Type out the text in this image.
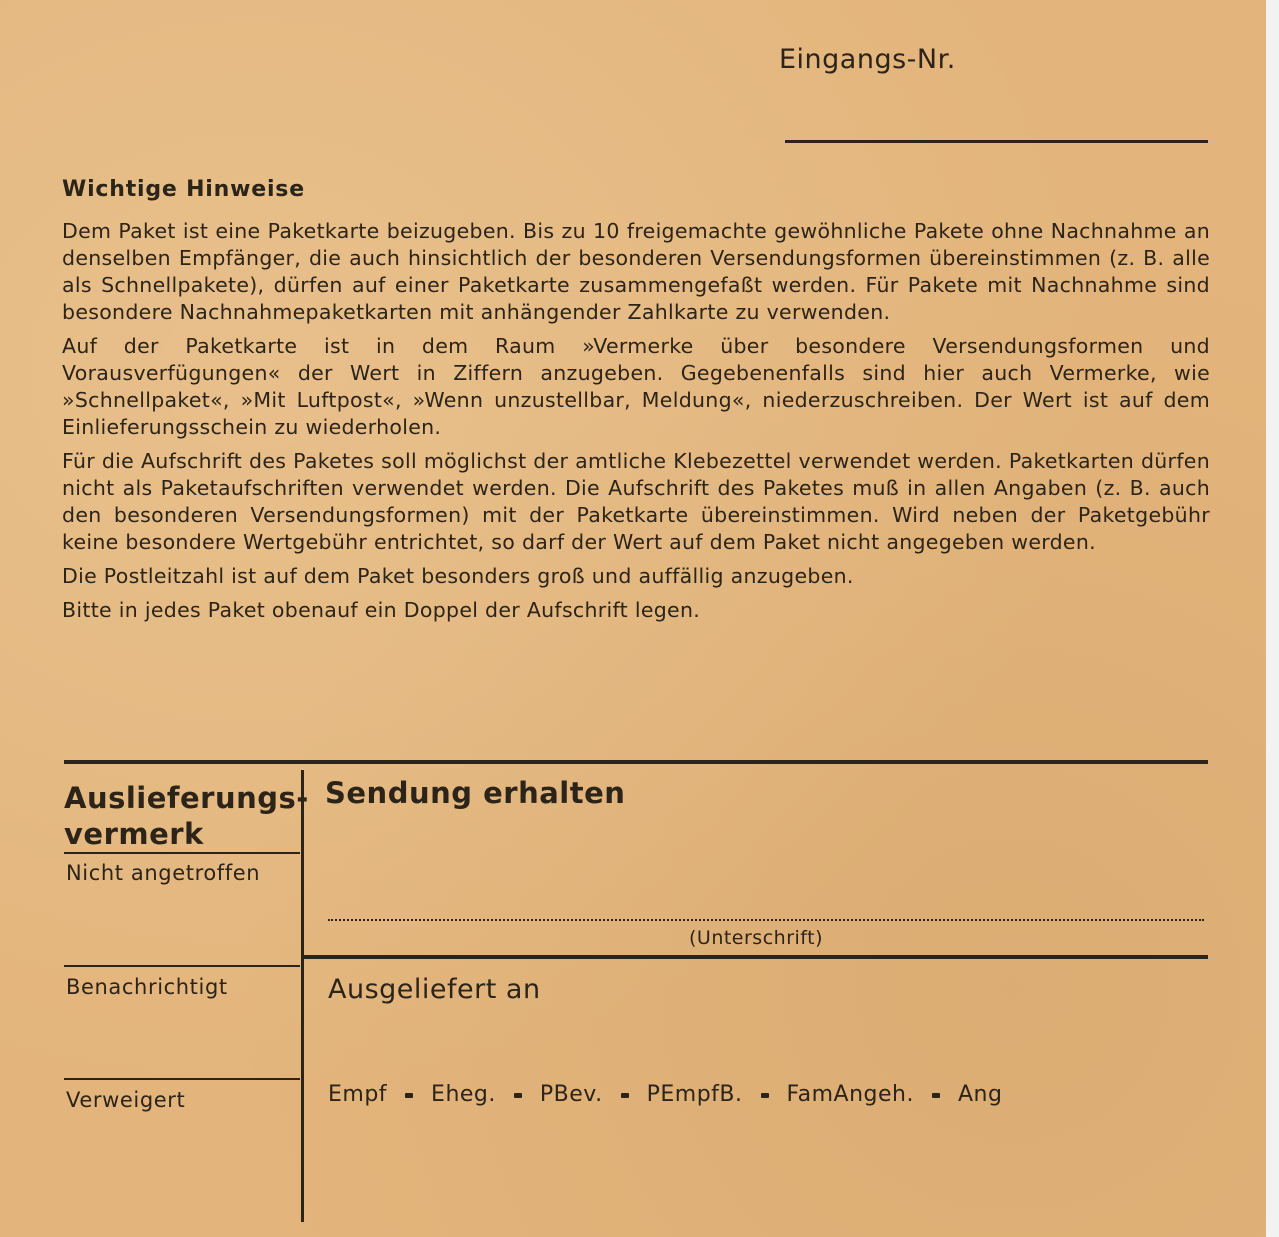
Eingangs-Nr.
Wichtige Hinweise

Dem Paket ist eine Paketkarte beizugeben. Bis zu 10 freigemachte gewöhnliche Pakete ohne Nachnahme an denselben Empfänger, die auch hinsichtlich der besonderen Versendungsformen übereinstimmen (z. B. alle als Schnellpakete), dürfen auf einer Paketkarte zusammengefaßt werden. Für Pakete mit Nachnahme sind besondere Nachnahmepaketkarten mit anhängender Zahlkarte zu verwenden.

Auf der Paketkarte ist in dem Raum »Vermerke über besondere Versendungsformen und Vorausverfügungen« der Wert in Ziffern anzugeben. Gegebenenfalls sind hier auch Vermerke, wie »Schnellpaket«, »Mit Luftpost«, »Wenn unzustellbar, Meldung«, niederzuschreiben. Der Wert ist auf dem Einlieferungsschein zu wiederholen.

Für die Aufschrift des Paketes soll möglichst der amtliche Klebezettel verwendet werden. Paketkarten dürfen nicht als Paketaufschriften verwendet werden. Die Aufschrift des Paketes muß in allen Angaben (z. B. auch den besonderen Versendungsformen) mit der Paketkarte übereinstimmen. Wird neben der Paketgebühr keine besondere Wertgebühr entrichtet, so darf der Wert auf dem Paket nicht angegeben werden.

Die Postleitzahl ist auf dem Paket besonders groß und auffällig anzugeben.

Bitte in jedes Paket obenauf ein Doppel der Aufschrift legen.

Auslieferungs-
vermerk
Nicht angetroffen
Benachrichtigt
Verweigert
Sendung erhalten
(Unterschrift)
Ausgeliefert an
Empf Eheg. PBev. PEmpfB. FamAngeh. Ang
